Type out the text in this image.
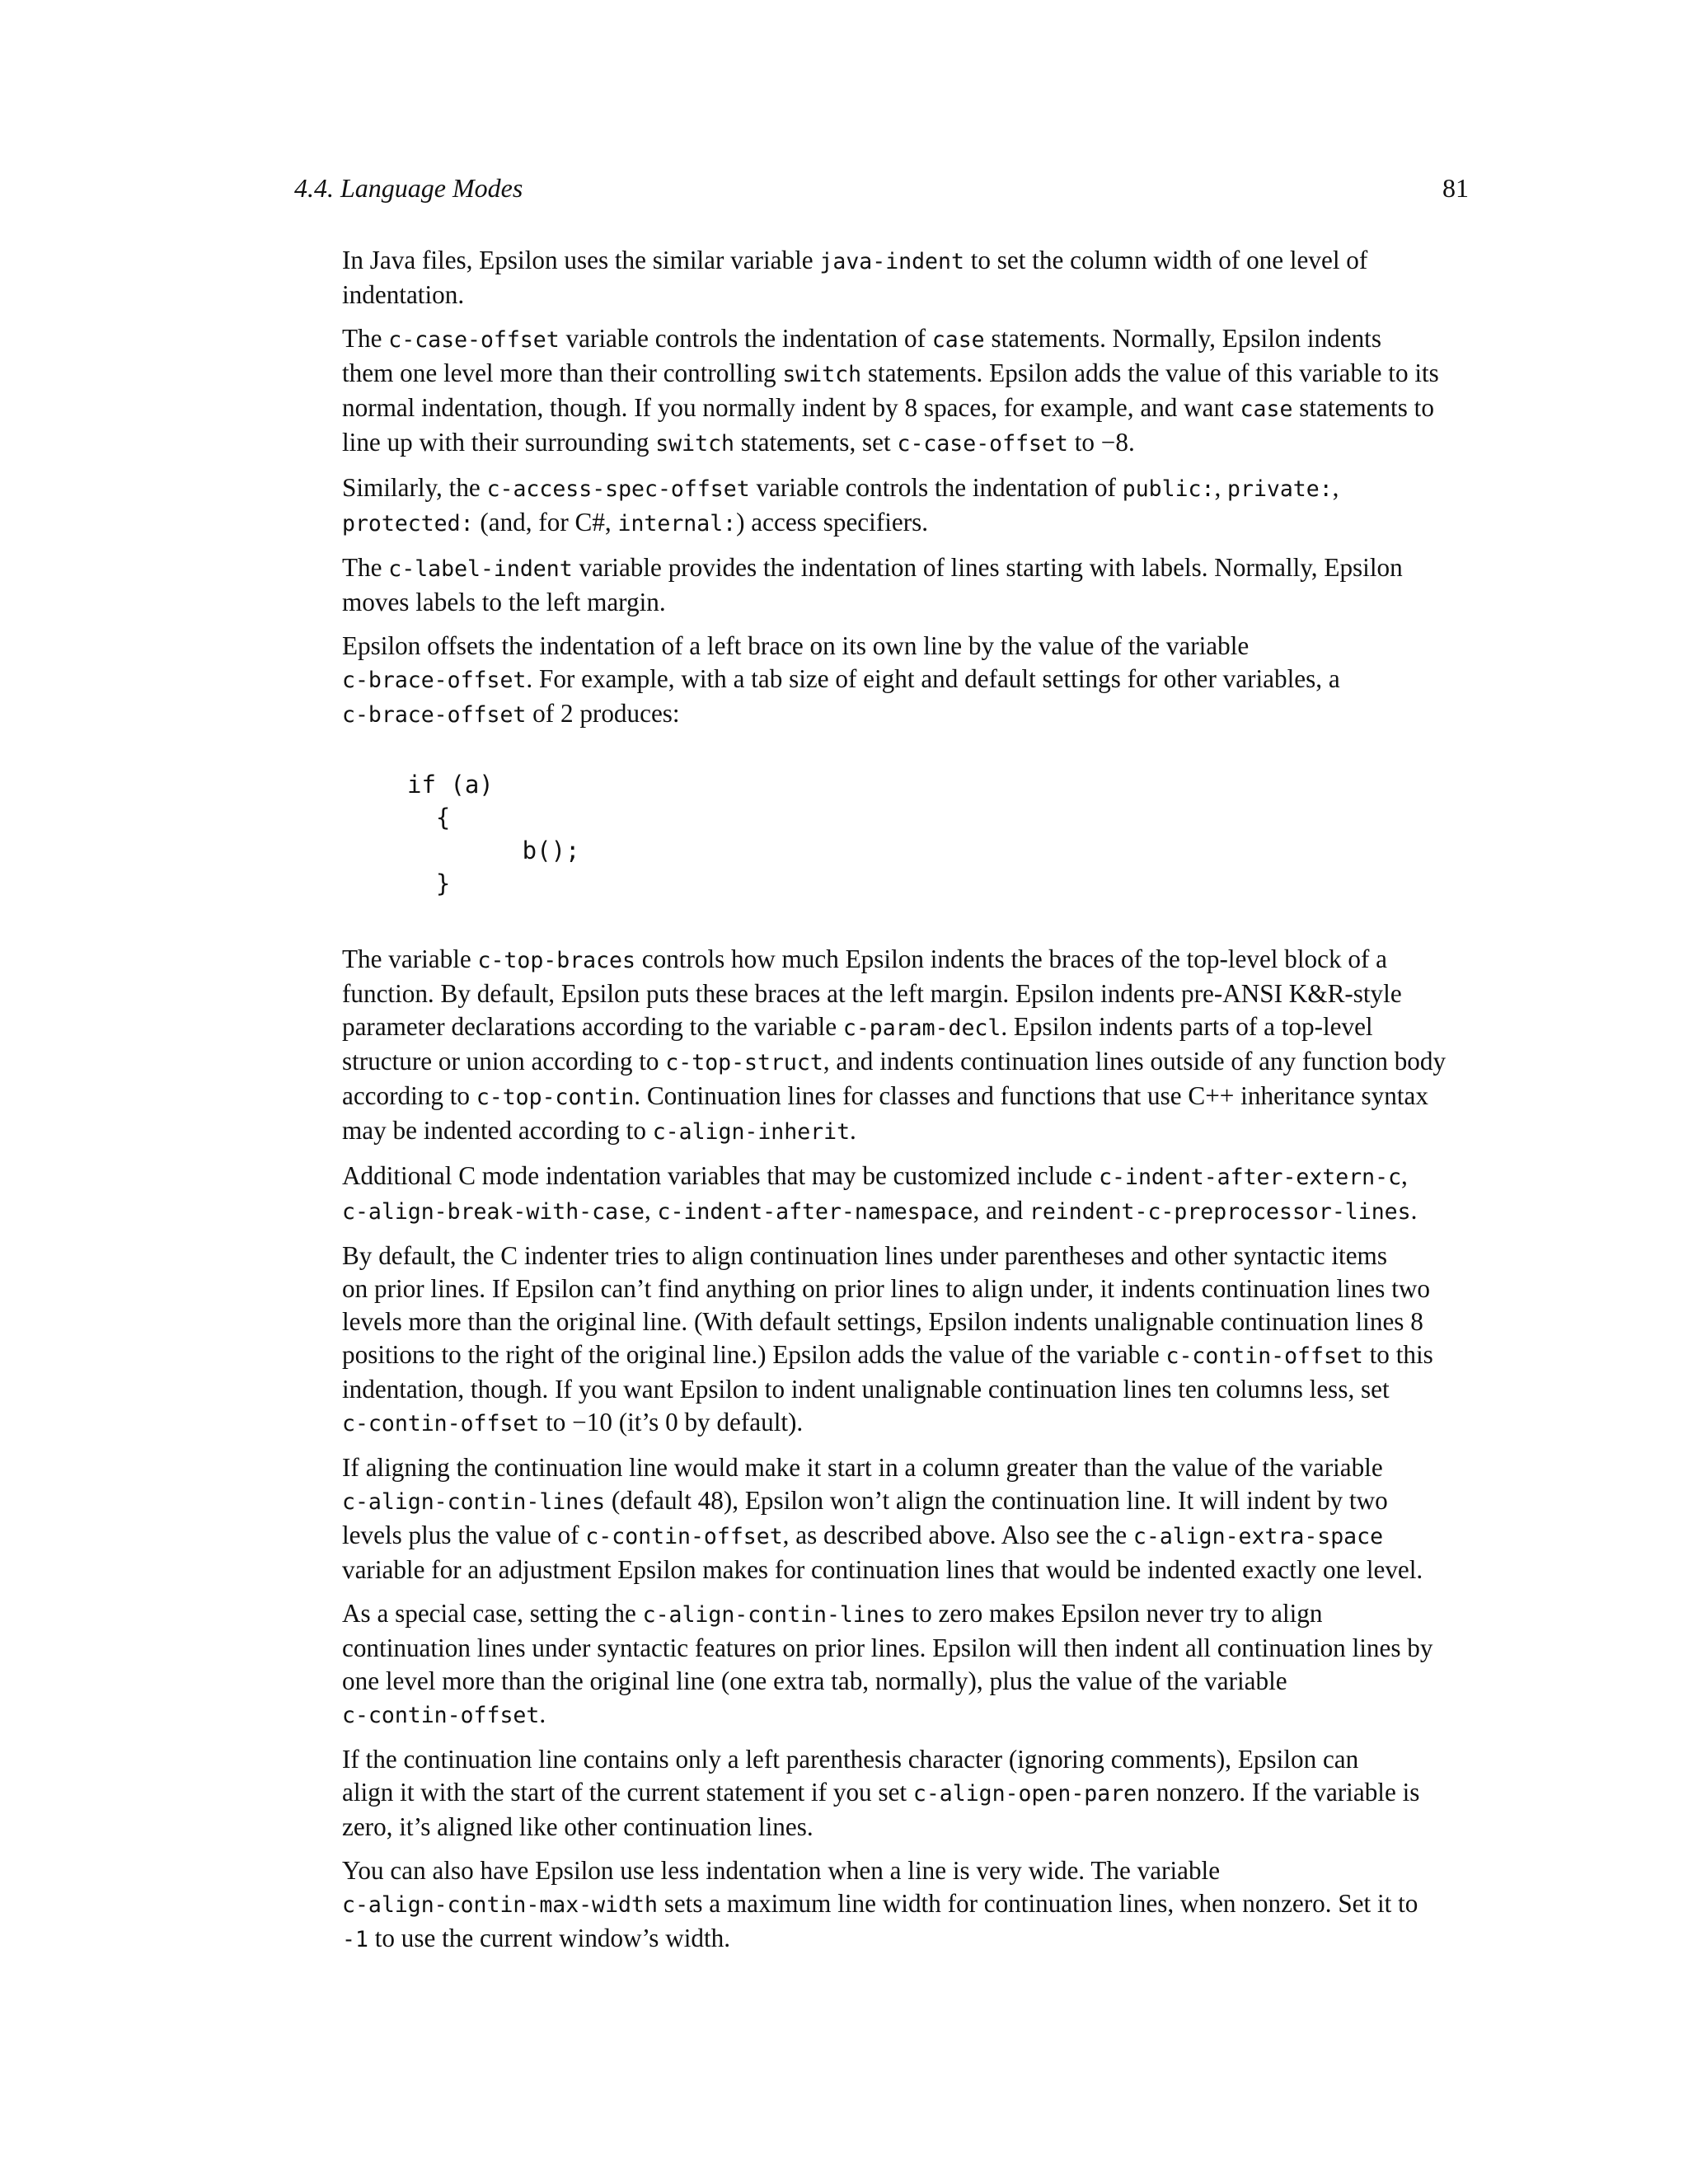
4.4. Language Modes	81
In Java files, Epsilon uses the similar variable java-indent to set the column width of one level of
indentation.
The c-case-offset variable controls the indentation of case statements. Normally, Epsilon indents
them one level more than their controlling switch statements. Epsilon adds the value of this variable to its
normal indentation, though. If you normally indent by 8 spaces, for example, and want case statements to
line up with their surrounding switch statements, set c-case-offset to −8.
Similarly, the c-access-spec-offset variable controls the indentation of public:, private:,
protected: (and, for C#, internal:) access specifiers.
The c-label-indent variable provides the indentation of lines starting with labels. Normally, Epsilon
moves labels to the left margin.
Epsilon offsets the indentation of a left brace on its own line by the value of the variable
c-brace-offset. For example, with a tab size of eight and default settings for other variables, a
c-brace-offset of 2 produces:
if (a)
{
b();
}
The variable c-top-braces controls how much Epsilon indents the braces of the top-level block of a
function. By default, Epsilon puts these braces at the left margin. Epsilon indents pre-ANSI K&R-style
parameter declarations according to the variable c-param-decl. Epsilon indents parts of a top-level
structure or union according to c-top-struct, and indents continuation lines outside of any function body
according to c-top-contin. Continuation lines for classes and functions that use C++ inheritance syntax
may be indented according to c-align-inherit.
Additional C mode indentation variables that may be customized include c-indent-after-extern-c,
c-align-break-with-case, c-indent-after-namespace, and reindent-c-preprocessor-lines.
By default, the C indenter tries to align continuation lines under parentheses and other syntactic items
on prior lines. If Epsilon can’t find anything on prior lines to align under, it indents continuation lines two
levels more than the original line. (With default settings, Epsilon indents unalignable continuation lines 8
positions to the right of the original line.) Epsilon adds the value of the variable c-contin-offset to this
indentation, though. If you want Epsilon to indent unalignable continuation lines ten columns less, set
c-contin-offset to −10 (it’s 0 by default).
If aligning the continuation line would make it start in a column greater than the value of the variable
c-align-contin-lines (default 48), Epsilon won’t align the continuation line. It will indent by two
levels plus the value of c-contin-offset, as described above. Also see the c-align-extra-space
variable for an adjustment Epsilon makes for continuation lines that would be indented exactly one level.
As a special case, setting the c-align-contin-lines to zero makes Epsilon never try to align
continuation lines under syntactic features on prior lines. Epsilon will then indent all continuation lines by
one level more than the original line (one extra tab, normally), plus the value of the variable
c-contin-offset.
If the continuation line contains only a left parenthesis character (ignoring comments), Epsilon can
align it with the start of the current statement if you set c-align-open-paren nonzero. If the variable is
zero, it’s aligned like other continuation lines.
You can also have Epsilon use less indentation when a line is very wide. The variable
c-align-contin-max-width sets a maximum line width for continuation lines, when nonzero. Set it to
-1 to use the current window’s width.
